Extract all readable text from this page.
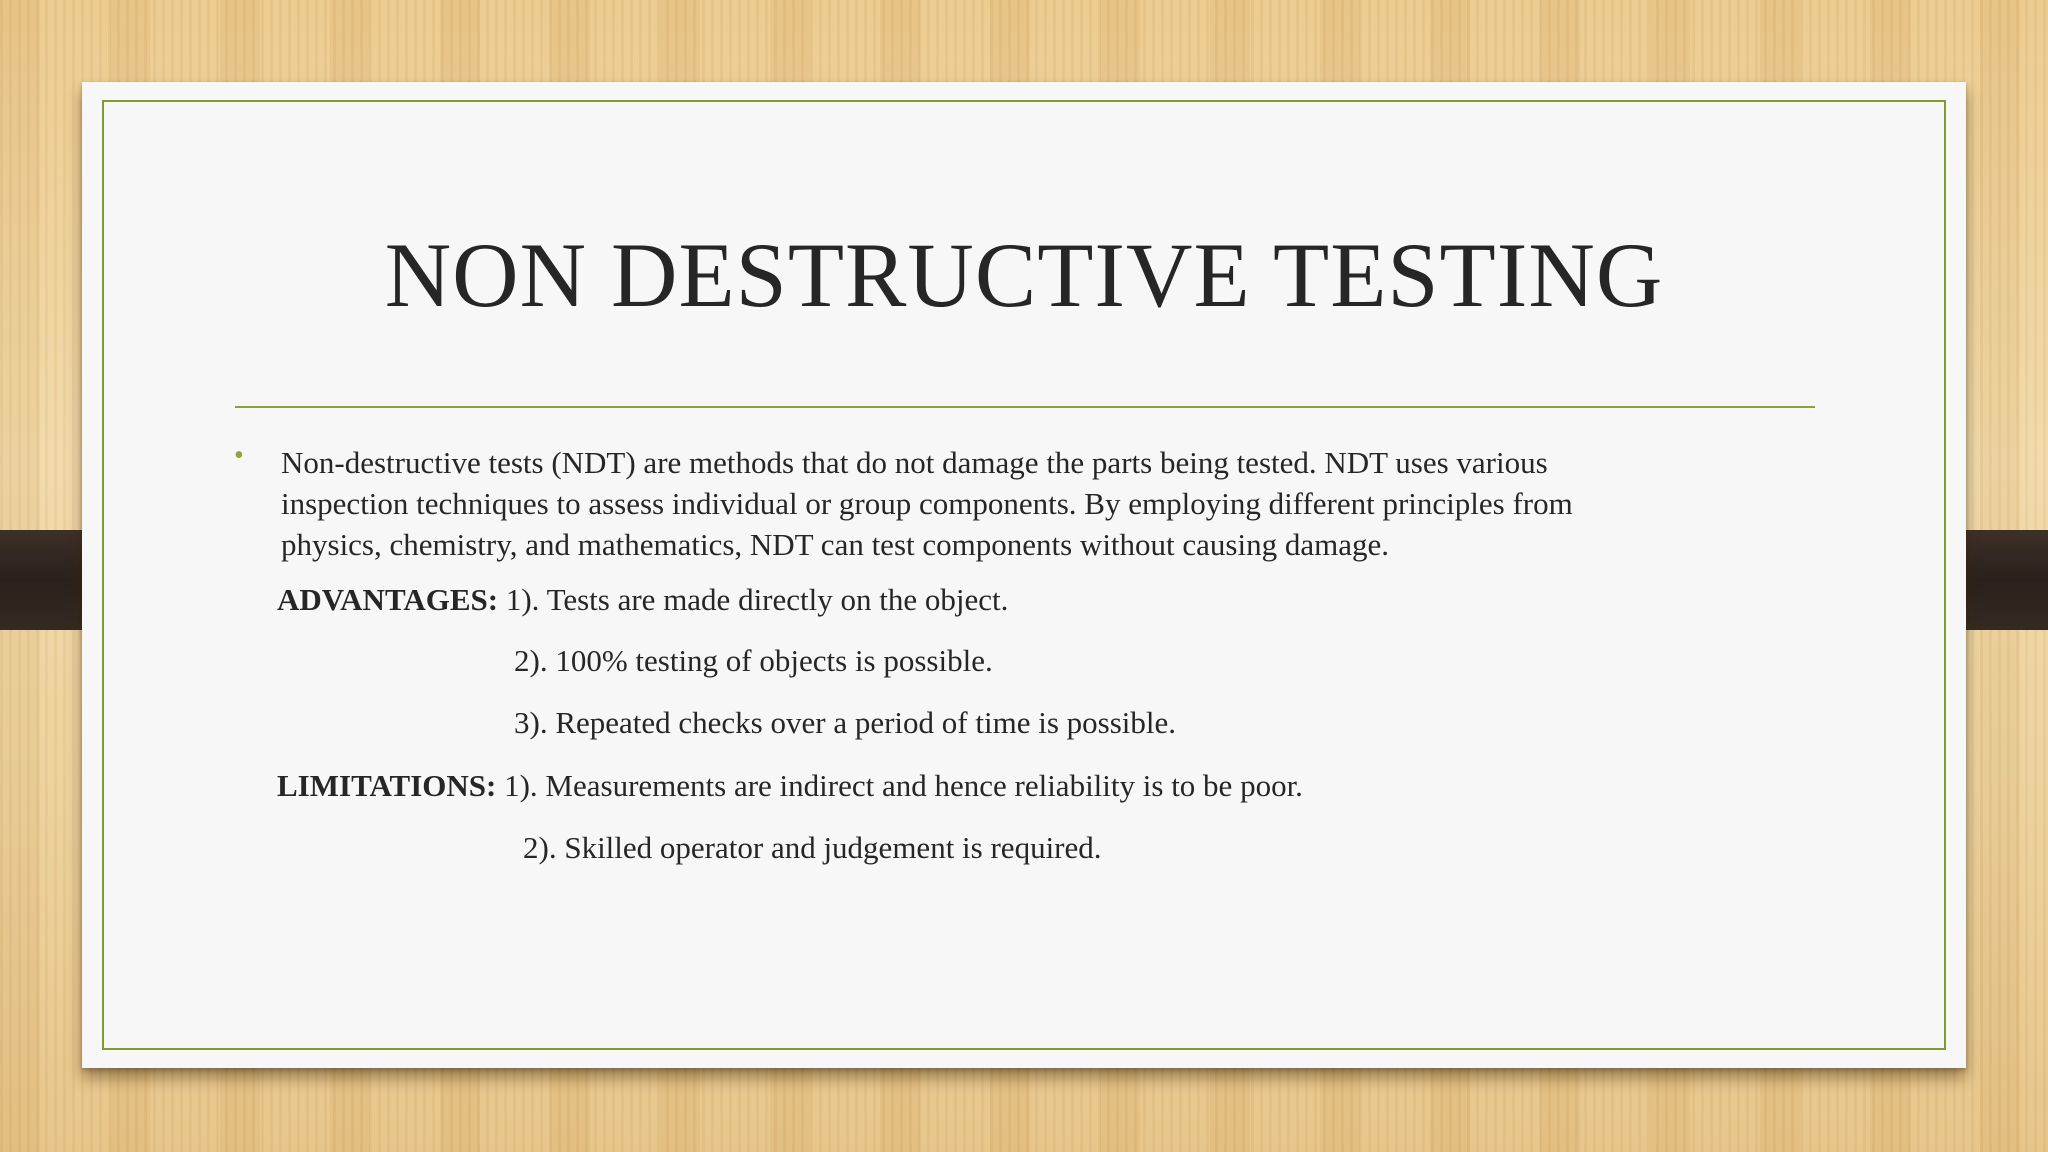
NON DESTRUCTIVE TESTING
• Non-destructive tests (NDT) are methods that do not damage the parts being tested. NDT uses various
inspection techniques to assess individual or group components. By employing different principles from
physics, chemistry, and mathematics, NDT can test components without causing damage.
ADVANTAGES: 1). Tests are made directly on the object.
2). 100% testing of objects is possible.
3). Repeated checks over a period of time is possible.
LIMITATIONS: 1). Measurements are indirect and hence reliability is to be poor.
2). Skilled operator and judgement is required.
